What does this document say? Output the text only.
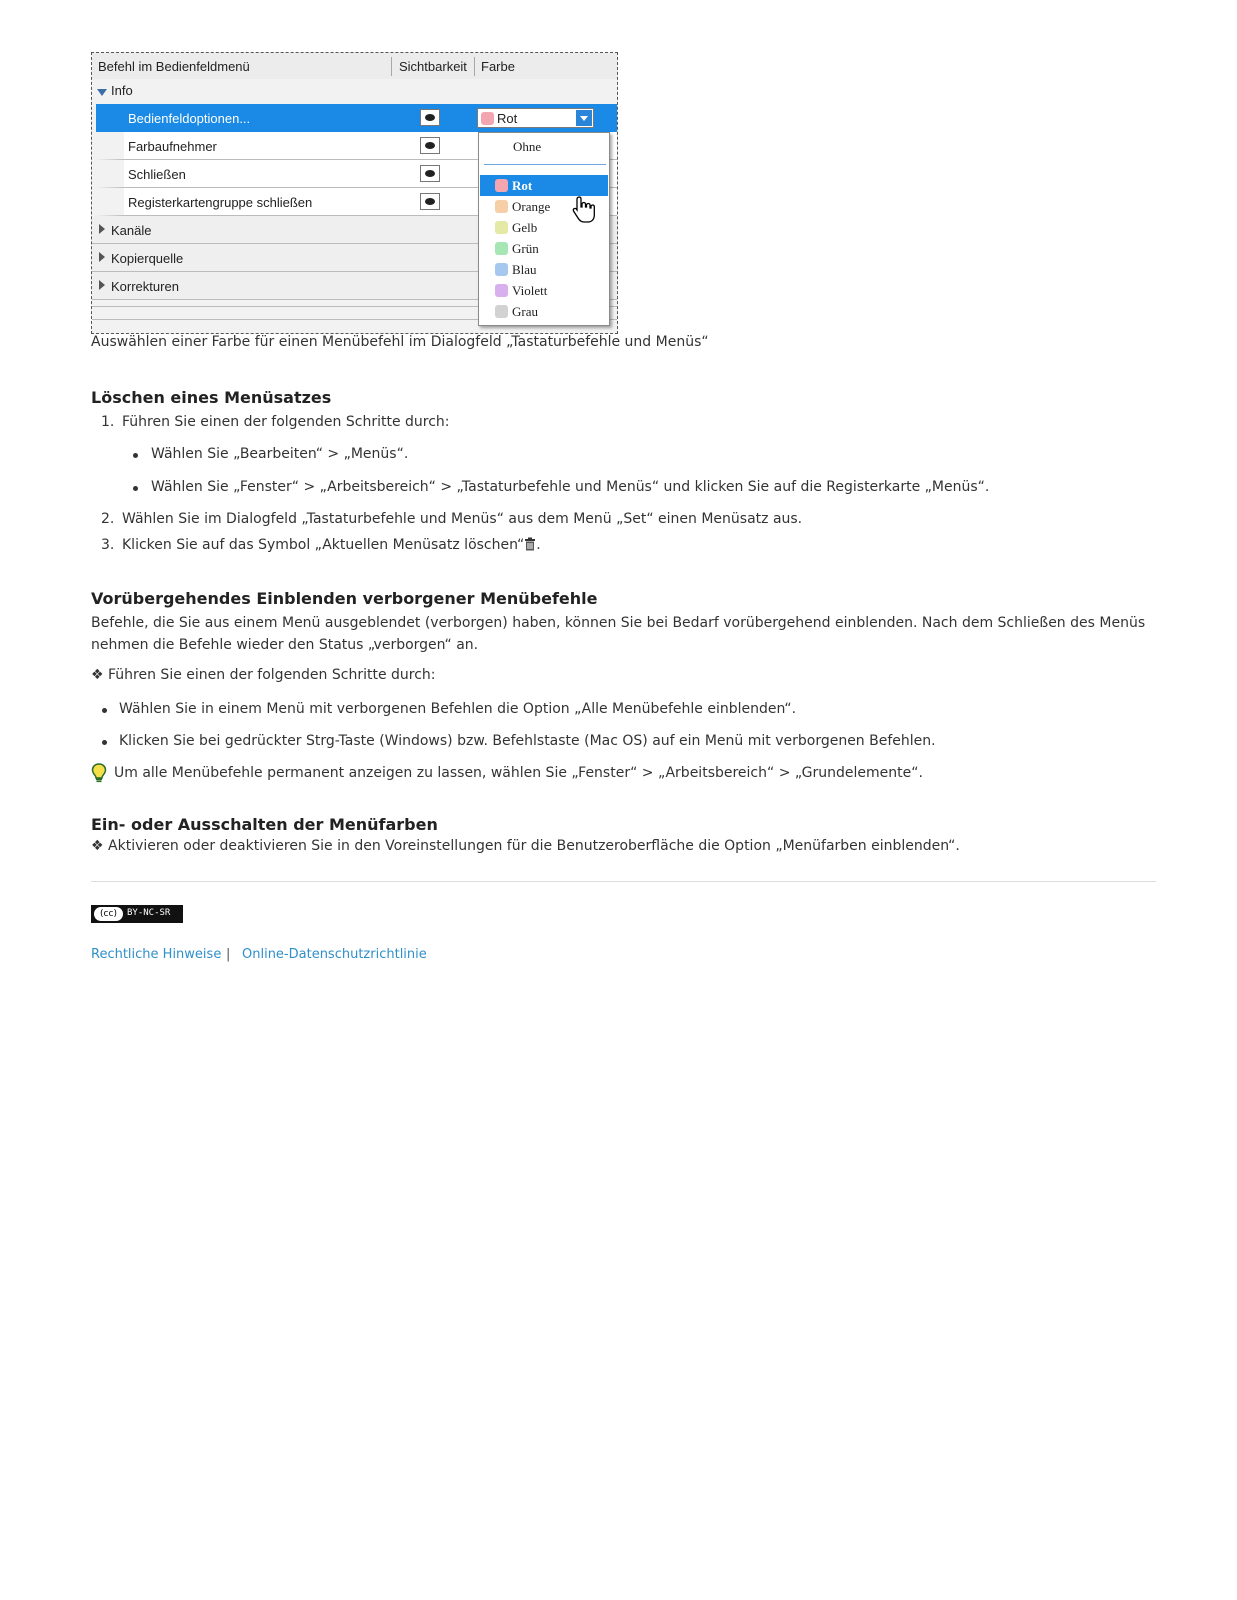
Befehl im Bedienfeldmenü	Sichtbarkeit Farbe
Info
Bedienfeldoptionen...	Rot
Farbaufnehmer
Schließen
Registerkartengruppe schließen
Kanäle
Kopierquelle
Korrekturen
Ohne
Rot
Orange
Gelb
Grün
Blau
Violett
Grau
Auswählen einer Farbe für einen Menübefehl im Dialogfeld „Tastaturbefehle und Menüs“
Löschen eines Menüsatzes
1. Führen Sie einen der folgenden Schritte durch:
Wählen Sie „Bearbeiten“ > „Menüs“.
Wählen Sie „Fenster“ > „Arbeitsbereich“ > „Tastaturbefehle und Menüs“ und klicken Sie auf die Registerkarte „Menüs“.
2. Wählen Sie im Dialogfeld „Tastaturbefehle und Menüs“ aus dem Menü „Set“ einen Menüsatz aus.
3. Klicken Sie auf das Symbol „Aktuellen Menüsatz löschen“ .
Vorübergehendes Einblenden verborgener Menübefehle
Befehle, die Sie aus einem Menü ausgeblendet (verborgen) haben, können Sie bei Bedarf vorübergehend einblenden. Nach dem Schließen des Menüs nehmen die Befehle wieder den Status „verborgen“ an.
❖ Führen Sie einen der folgenden Schritte durch:
Wählen Sie in einem Menü mit verborgenen Befehlen die Option „Alle Menübefehle einblenden“.
Klicken Sie bei gedrückter Strg-Taste (Windows) bzw. Befehlstaste (Mac OS) auf ein Menü mit verborgenen Befehlen.
Um alle Menübefehle permanent anzeigen zu lassen, wählen Sie „Fenster“ > „Arbeitsbereich“ > „Grundelemente“.
Ein- oder Ausschalten der Menüfarben
❖ Aktivieren oder deaktivieren Sie in den Voreinstellungen für die Benutzeroberfläche die Option „Menüfarben einblenden“.
(cc)	BY-NC-SR
Rechtliche Hinweise | Online-Datenschutzrichtlinie
